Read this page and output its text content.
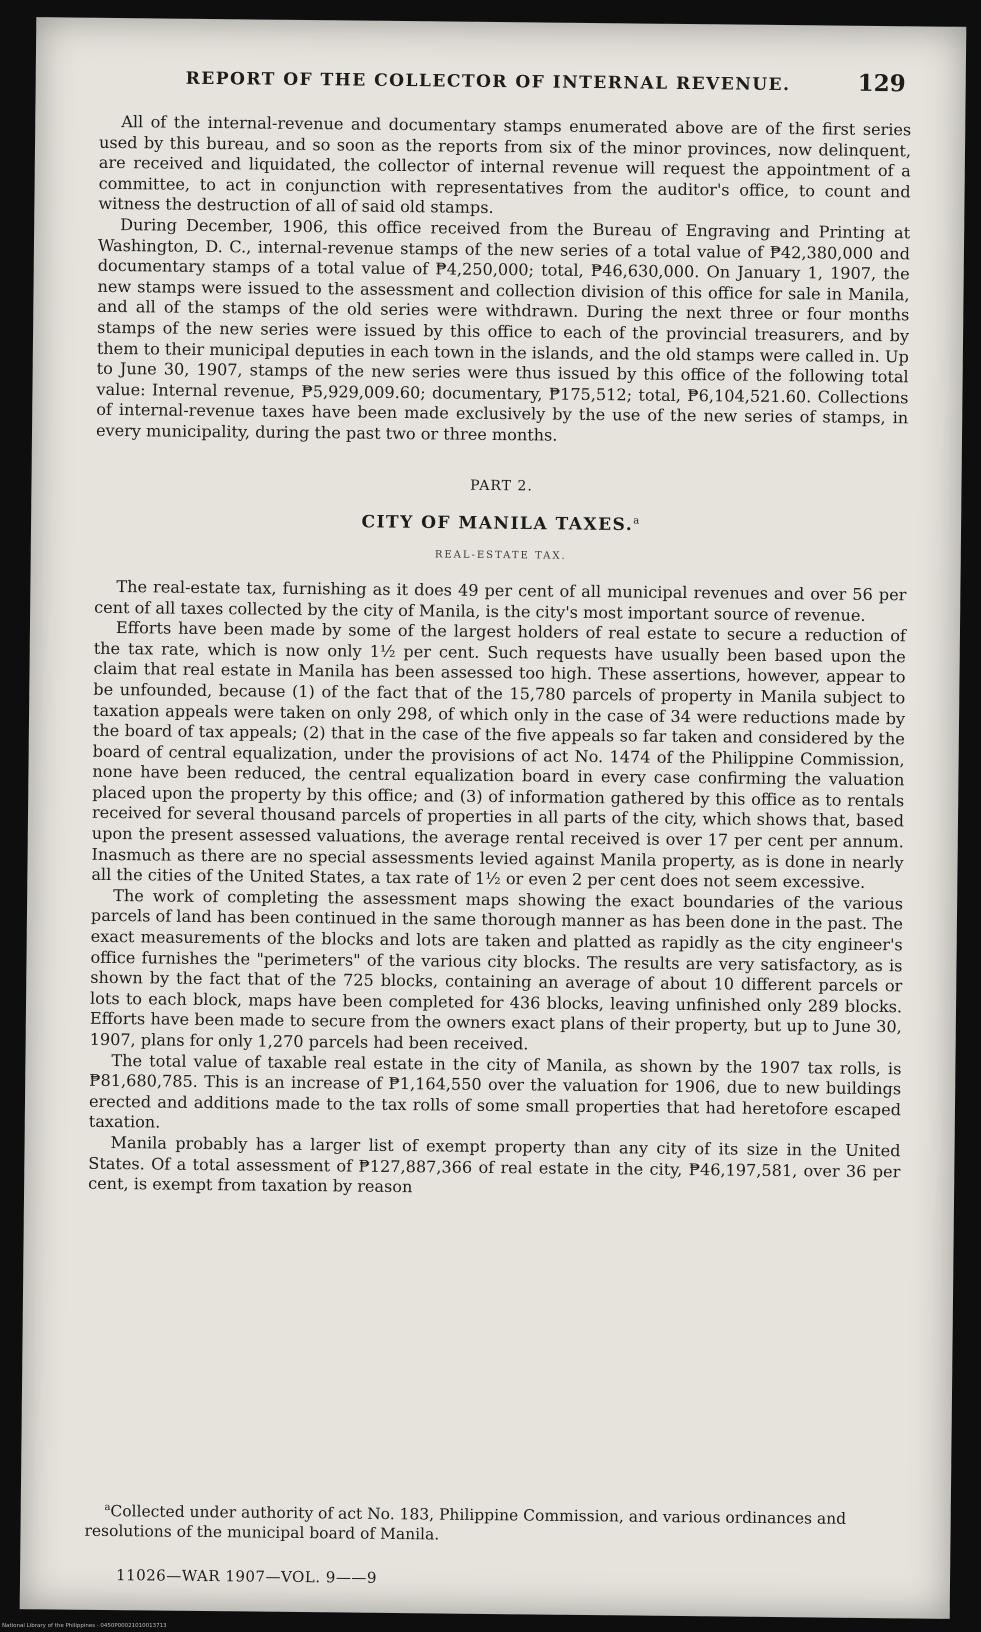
REPORT OF THE COLLECTOR OF INTERNAL REVENUE.	129

All of the internal-revenue and documentary stamps enumerated above are of the first series used by this bureau, and so soon as the reports from six of the minor provinces, now delinquent, are received and liquidated, the collector of internal revenue will request the appointment of a committee, to act in conjunction with representatives from the auditor's office, to count and witness the destruction of all of said old stamps.

During December, 1906, this office received from the Bureau of Engraving and Printing at Washington, D. C., internal-revenue stamps of the new series of a total value of ₱42,380,000 and documentary stamps of a total value of ₱4,250,000; total, ₱46,630,000. On January 1, 1907, the new stamps were issued to the assessment and collection division of this office for sale in Manila, and all of the stamps of the old series were withdrawn. During the next three or four months stamps of the new series were issued by this office to each of the provincial treasurers, and by them to their municipal deputies in each town in the islands, and the old stamps were called in. Up to June 30, 1907, stamps of the new series were thus issued by this office of the following total value: Internal revenue, ₱5,929,009.60; documentary, ₱175,512; total, ₱6,104,521.60. Collections of internal-revenue taxes have been made exclusively by the use of the new series of stamps, in every municipality, during the past two or three months.

PART 2.
CITY OF MANILA TAXES.$^a$
REAL-ESTATE TAX.

The real-estate tax, furnishing as it does 49 per cent of all municipal revenues and over 56 per cent of all taxes collected by the city of Manila, is the city's most important source of revenue.

Efforts have been made by some of the largest holders of real estate to secure a reduction of the tax rate, which is now only 1½ per cent. Such requests have usually been based upon the claim that real estate in Manila has been assessed too high. These assertions, however, appear to be unfounded, because (1) of the fact that of the 15,780 parcels of property in Manila subject to taxation appeals were taken on only 298, of which only in the case of 34 were reductions made by the board of tax appeals; (2) that in the case of the five appeals so far taken and considered by the board of central equalization, under the provisions of act No. 1474 of the Philippine Commission, none have been reduced, the central equalization board in every case confirming the valuation placed upon the property by this office; and (3) of information gathered by this office as to rentals received for several thousand parcels of properties in all parts of the city, which shows that, based upon the present assessed valuations, the average rental received is over 17 per cent per annum. Inasmuch as there are no special assessments levied against Manila property, as is done in nearly all the cities of the United States, a tax rate of 1½ or even 2 per cent does not seem excessive.

The work of completing the assessment maps showing the exact boundaries of the various parcels of land has been continued in the same thorough manner as has been done in the past. The exact measurements of the blocks and lots are taken and platted as rapidly as the city engineer's office furnishes the "perimeters" of the various city blocks. The results are very satisfactory, as is shown by the fact that of the 725 blocks, containing an average of about 10 different parcels or lots to each block, maps have been completed for 436 blocks, leaving unfinished only 289 blocks. Efforts have been made to secure from the owners exact plans of their property, but up to June 30, 1907, plans for only 1,270 parcels had been received.

The total value of taxable real estate in the city of Manila, as shown by the 1907 tax rolls, is ₱81,680,785. This is an increase of ₱1,164,550 over the valuation for 1906, due to new buildings erected and additions made to the tax rolls of some small properties that had heretofore escaped taxation.

Manila probably has a larger list of exempt property than any city of its size in the United States. Of a total assessment of ₱127,887,366 of real estate in the city, ₱46,197,581, over 36 per cent, is exempt from taxation by reason

$^a$Collected under authority of act No. 183, Philippine Commission, and various ordinances and resolutions of the municipal board of Manila.
11026—WAR 1907—VOL. 9——9
National Library of the Philippines · 0450P00021010013713
